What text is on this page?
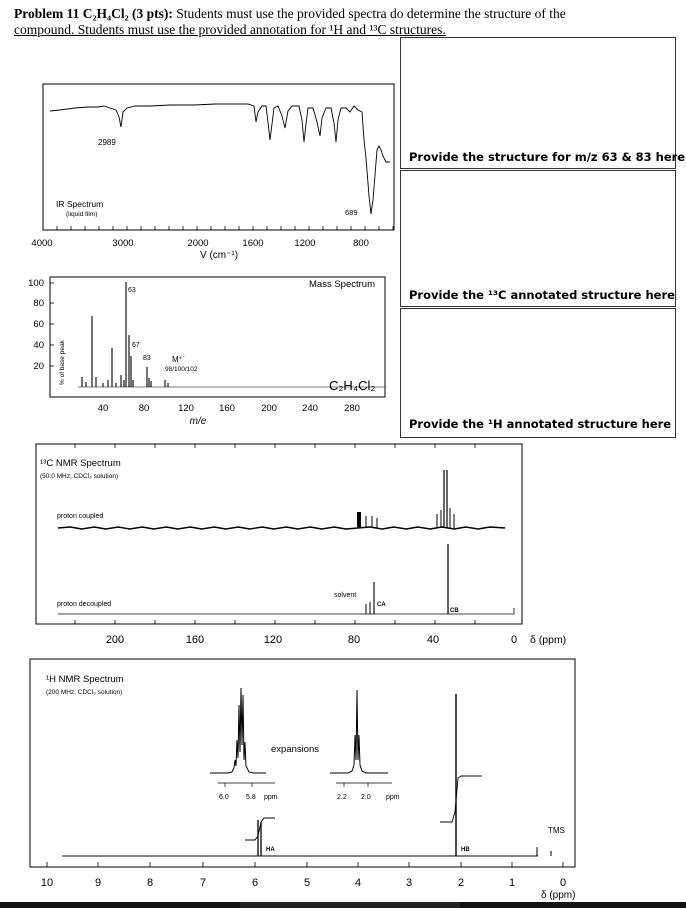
Problem 11 C₂H₄Cl₂ (3 pts): Students must use the provided spectra do determine the structure of the
compound. Students must use the provided annotation for ¹H and ¹³C structures.
Provide the structure for m/z 63 & 83 here
Provide the ¹³C annotated structure here
Provide the ¹H annotated structure here
2989
689
IR Spectrum
(liquid film)
4000	3000	2000	1600	1200	800
V (cm⁻¹)
100
80
60
40
20 % of base peak
63
67
83	M⁺˙
98/100/102
Mass Spectrum
C₂H₄Cl₂
40	80	120	160	200	240	280
m/e
¹³C NMR Spectrum
(50.0 MHz, CDCl₃ solution)
proton coupled
proton decoupled
solvent
CA
CB
200	160	120	80	40	0 δ (ppm)
¹H NMR Spectrum
(200 MHz, CDCl₃ solution)
6.0 5.8 ppm	2.2 2.0 ppm
expansions
HA	HB
TMS
10	9	8	7	6	5	4	3	2	1	0
δ (ppm)
